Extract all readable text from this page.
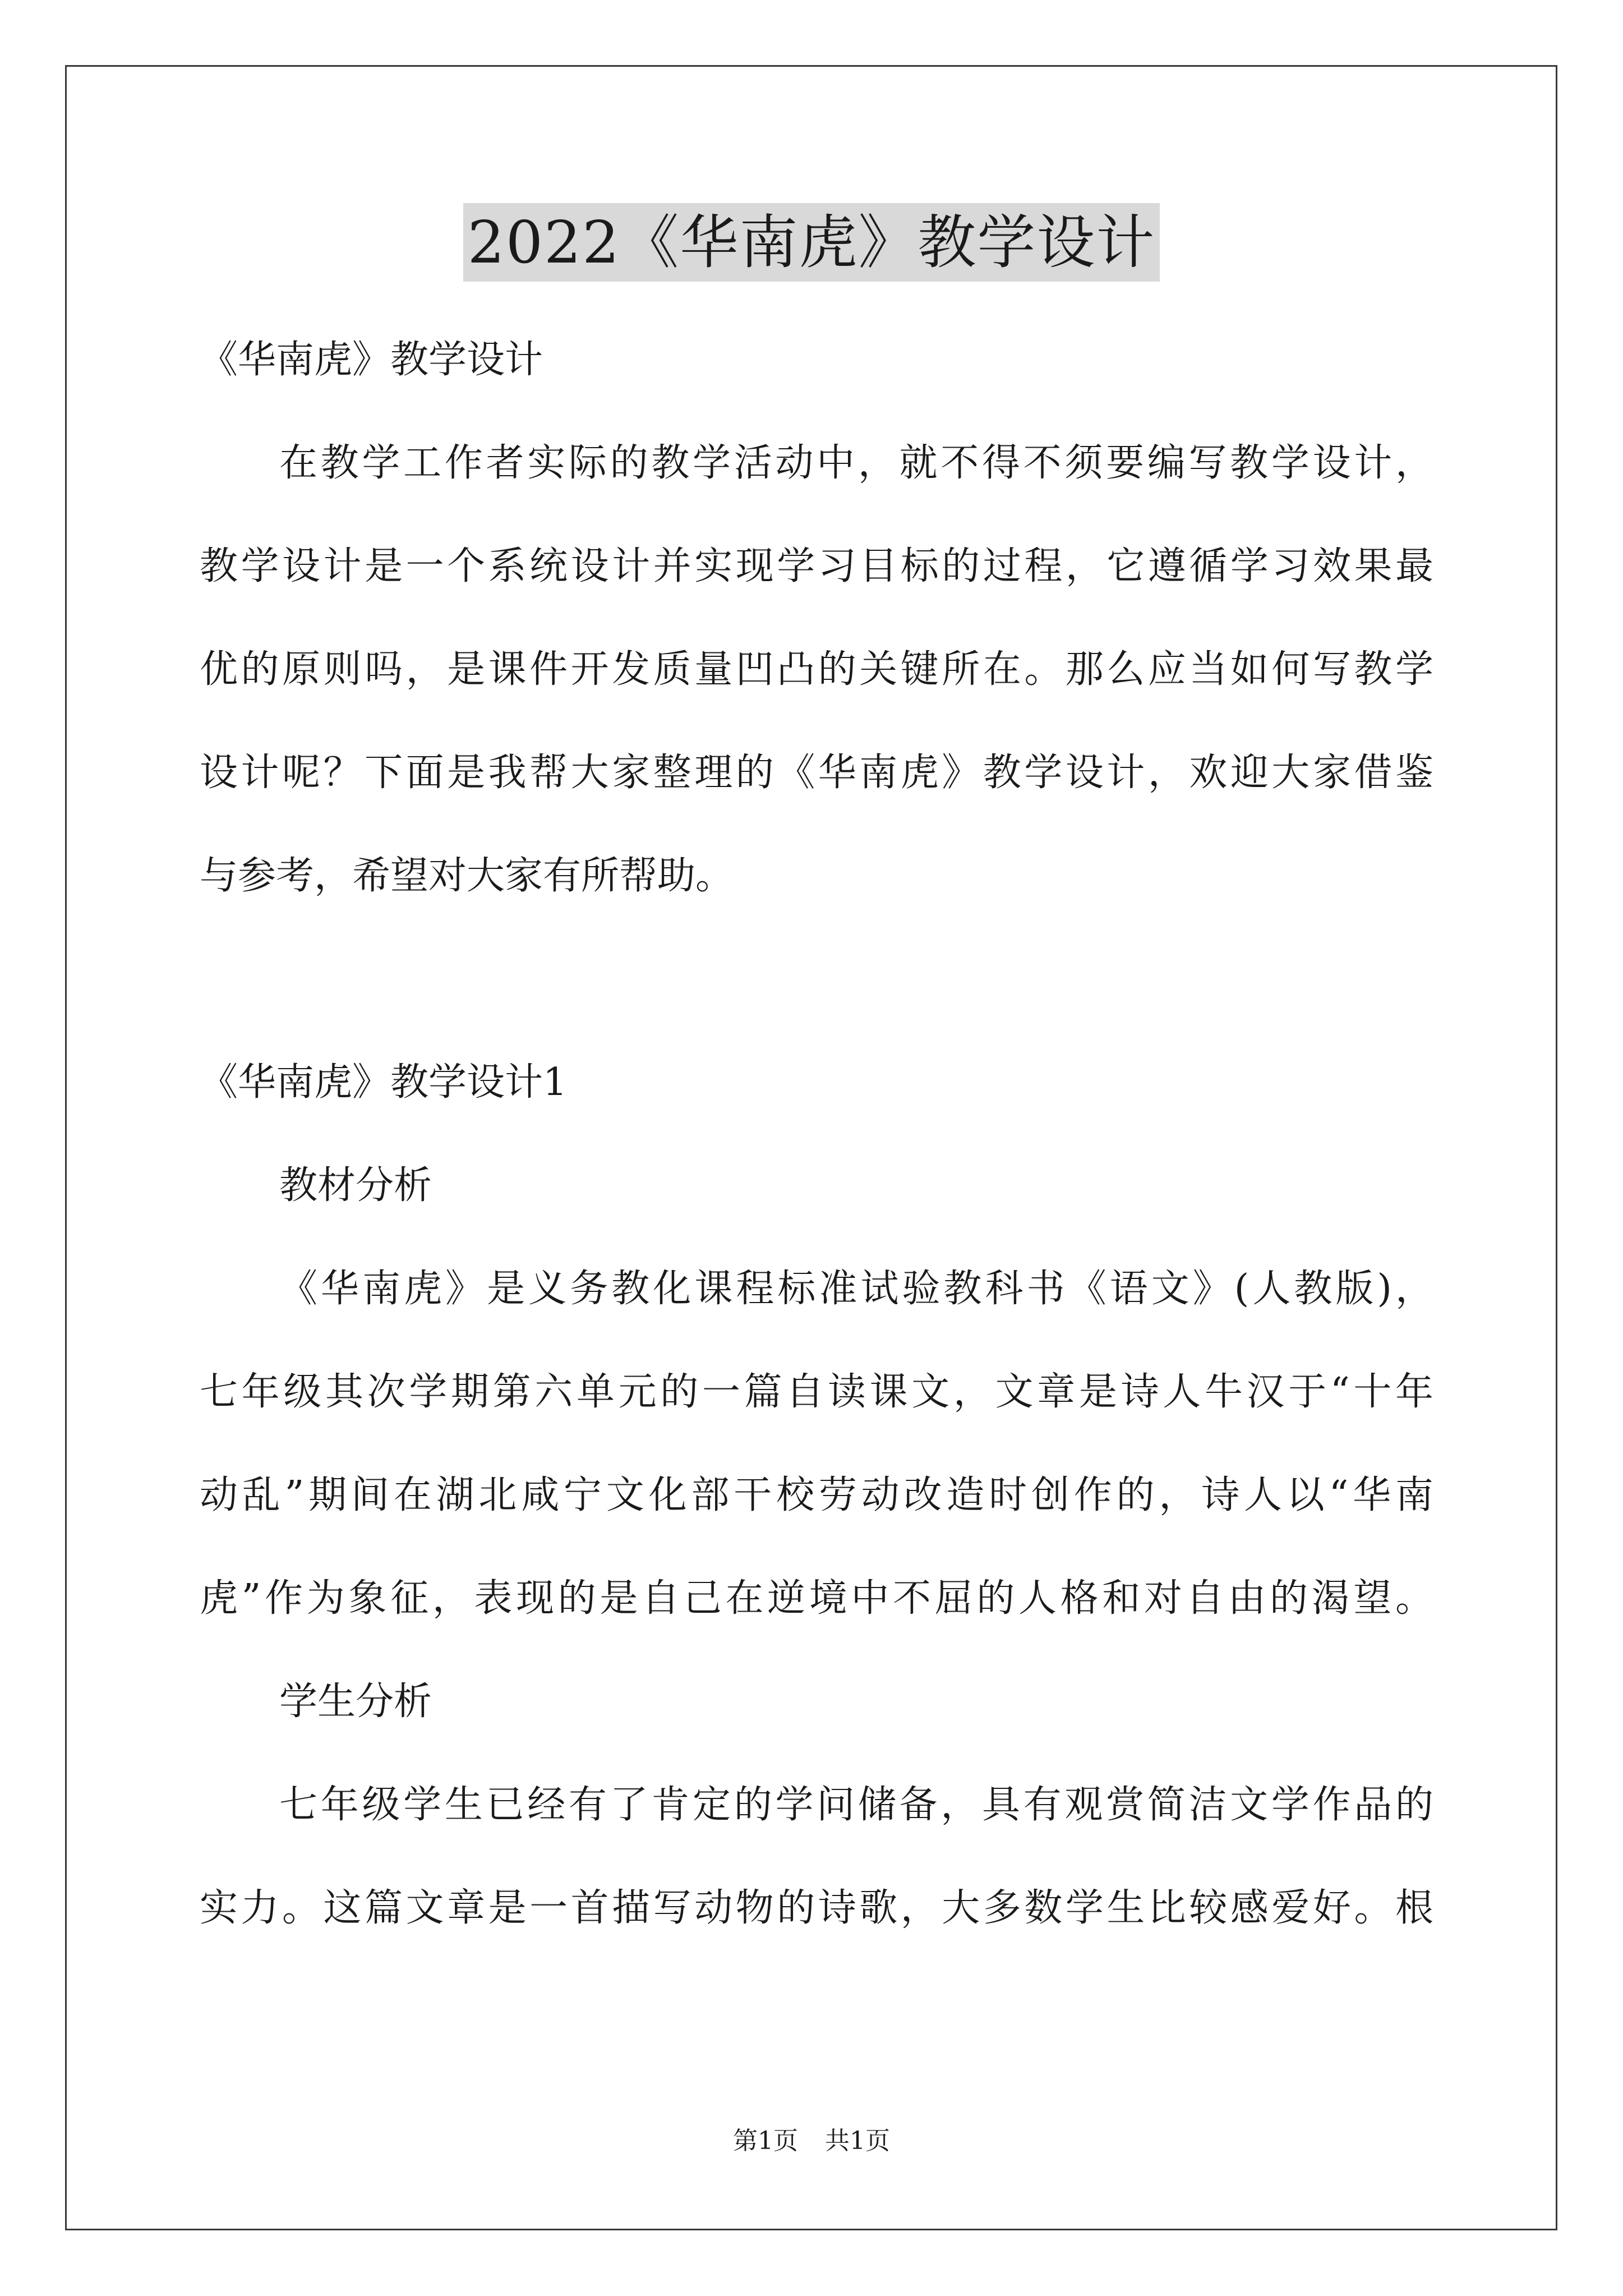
2022《华南虎》教学设计

《华南虎》教学设计

在教学工作者实际的教学活动中，就不得不须要编写教学设计，

教学设计是一个系统设计并实现学习目标的过程，它遵循学习效果最

优的原则吗，是课件开发质量凹凸的关键所在。那么应当如何写教学

设计呢？下面是我帮大家整理的《华南虎》教学设计，欢迎大家借鉴

与参考，希望对大家有所帮助。

《华南虎》教学设计1

教材分析

《华南虎》是义务教化课程标准试验教科书《语文》(人教版)，

七年级其次学期第六单元的一篇自读课文，文章是诗人牛汉于“十年

动乱”期间在湖北咸宁文化部干校劳动改造时创作的，诗人以“华南

虎”作为象征，表现的是自己在逆境中不屈的人格和对自由的渴望。

学生分析

七年级学生已经有了肯定的学问储备，具有观赏简洁文学作品的

实力。这篇文章是一首描写动物的诗歌，大多数学生比较感爱好。根

第1页 共1页
